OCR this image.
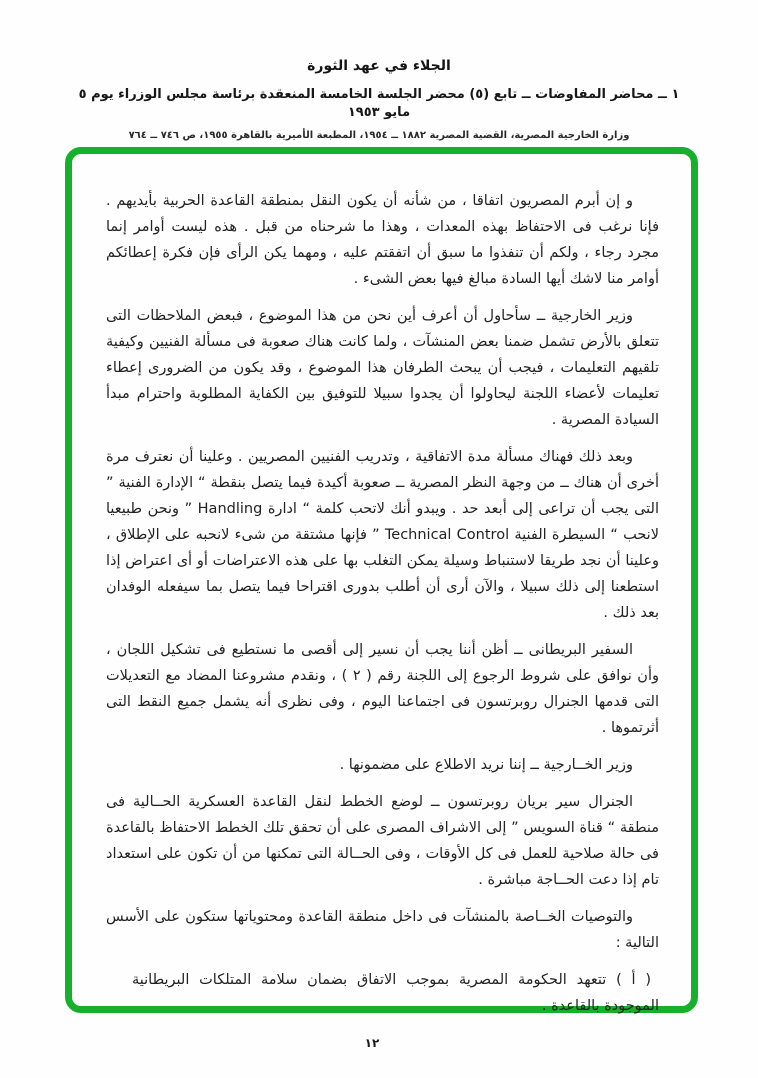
الجلاء في عهد الثورة
١ ــ محاضر المفاوضات ــ تابع (٥) محضر الجلسة الخامسة المنعقدة برئاسة مجلس الوزراء يوم ٥ مايو ١٩٥٣
وزارة الخارجية المصرية، القضية المصرية ١٨٨٢ ــ ١٩٥٤، المطبعة الأميرية بالقاهرة ١٩٥٥، ص ٧٤٦ ــ ٧٦٤

و إن أبرم المصريون اتفاقا ، من شأنه أن يكون النقل بمنطقة القاعدة الحربية بأيديهم . فإنا نرغب فى الاحتفاظ بهذه المعدات ، وهذا ما شرحناه من قبل . هذه ليست أوامر إنما مجرد رجاء ، ولكم أن تنفذوا ما سبق أن اتفقتم عليه ، ومهما يكن الرأى فإن فكرة إعطائكم أوامر منا لاشك أيها السادة مبالغ فيها بعض الشىء .

وزير الخارجية ــ سأحاول أن أعرف أين نحن من هذا الموضوع ، فبعض الملاحظات التى تتعلق بالأرض تشمل ضمنا بعض المنشآت ، ولما كانت هناك صعوبة فى مسألة الفنيين وكيفية تلقيهم التعليمات ، فيجب أن يبحث الطرفان هذا الموضوع ، وقد يكون من الضرورى إعطاء تعليمات لأعضاء اللجنة ليحاولوا أن يجدوا سبيلا للتوفيق بين الكفاية المطلوبة واحترام مبدأ السيادة المصرية .

وبعد ذلك فهناك مسألة مدة الاتفاقية ، وتدريب الفنيين المصريين . وعلينا أن نعترف مرة أخرى أن هناك ــ من وجهة النظر المصرية ــ صعوبة أكيدة فيما يتصل بنقطة “ الإدارة الفنية ” التى يجب أن تراعى إلى أبعد حد . ويبدو أنك لاتحب كلمة “ ادارة Handling ” ونحن طبيعيا لانحب “ السيطرة الفنية Technical Control ” فإنها مشتقة من شىء لانحبه على الإطلاق ، وعلينا أن نجد طريقا لاستنباط وسيلة يمكن التغلب بها على هذه الاعتراضات أو أى اعتراض إذا استطعنا إلى ذلك سبيلا ، والآن أرى أن أطلب بدورى اقتراحا فيما يتصل بما سيفعله الوفدان بعد ذلك .

السفير البريطانى ــ أظن أننا يجب أن نسير إلى أقصى ما نستطيع فى تشكيل اللجان ، وأن نوافق على شروط الرجوع إلى اللجنة رقم ( ٢ ) ، ونقدم مشروعنا المضاد مع التعديلات التى قدمها الجنرال روبرتسون فى اجتماعنا اليوم ، وفى نظرى أنه يشمل جميع النقط التى أثرتموها .

وزير الخــارجية ــ إننا نريد الاطلاع على مضمونها .

الجنرال سير بريان روبرتسون ــ لوضع الخطط لنقل القاعدة العسكرية الحــالية فى منطقة “ قناة السويس ” إلى الاشراف المصرى على أن تحقق تلك الخطط الاحتفاظ بالقاعدة فى حالة صلاحية للعمل فى كل الأوقات ، وفى الحــالة التى تمكنها من أن تكون على استعداد تام إذا دعت الحــاجة مباشرة .

والتوصيات الخــاصة بالمنشآت فى داخل منطقة القاعدة ومحتوياتها ستكون على الأسس التالية :

( أ ) تتعهد الحكومة المصرية بموجب الاتفاق بضمان سلامة المتلكات البريطانية الموجودة بالقاعدة .

١٢
